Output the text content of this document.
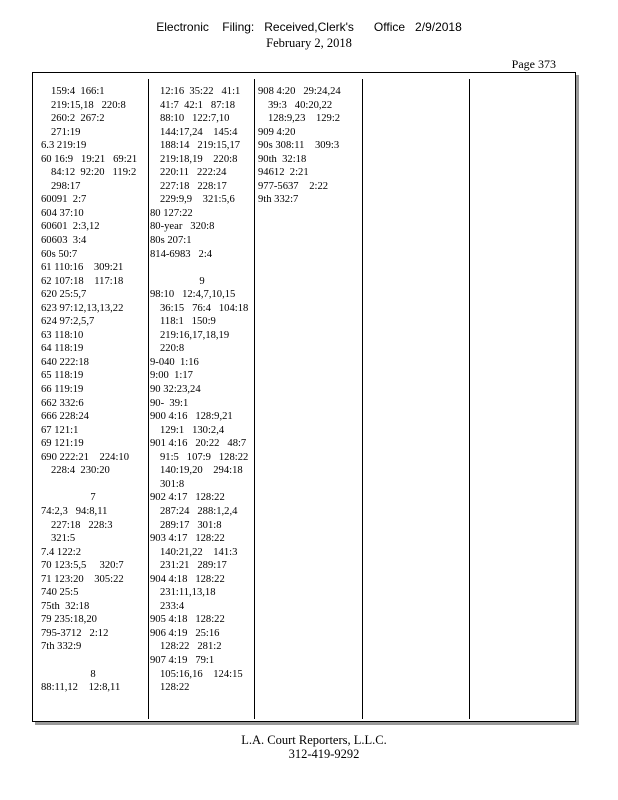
Electronic    Filing:   Received,Clerk's      Office   2/9/2018
February 2, 2018
Page 373
159:4  166:1
219:15,18   220:8
260:2  267:2
271:19
6.3 219:19
60 16:9   19:21   69:21
84:12  92:20   119:2
298:17
60091  2:7
604 37:10
60601  2:3,12
60603  3:4
60s 50:7
61 110:16    309:21
62 107:18    117:18
620 25:5,7
623 97:12,13,13,22
624 97:2,5,7
63 118:10
64 118:19
640 222:18
65 118:19
66 119:19
662 332:6
666 228:24
67 121:1
69 121:19
690 222:21    224:10
228:4  230:20
7
74:2,3   94:8,11
227:18   228:3
321:5
7.4 122:2
70 123:5,5     320:7
71 123:20    305:22
740 25:5
75th  32:18
79 235:18,20
795-3712   2:12
7th 332:9
8
88:11,12    12:8,11
12:16  35:22   41:1
41:7  42:1   87:18
88:10   122:7,10
144:17,24    145:4
188:14   219:15,17
219:18,19    220:8
220:11   222:24
227:18   228:17
229:9,9    321:5,6
80 127:22
80-year   320:8
80s 207:1
814-6983   2:4
9
98:10   12:4,7,10,15
36:15   76:4   104:18
118:1   150:9
219:16,17,18,19
220:8
9-040  1:16
9:00  1:17
90 32:23,24
90-  39:1
900 4:16   128:9,21
129:1   130:2,4
901 4:16   20:22   48:7
91:5   107:9   128:22
140:19,20    294:18
301:8
902 4:17   128:22
287:24   288:1,2,4
289:17   301:8
903 4:17   128:22
140:21,22    141:3
231:21   289:17
904 4:18   128:22
231:11,13,18
233:4
905 4:18   128:22
906 4:19   25:16
128:22   281:2
907 4:19   79:1
105:16,16    124:15
128:22
908 4:20   29:24,24
39:3   40:20,22
128:9,23    129:2
909 4:20
90s 308:11    309:3
90th  32:18
94612  2:21
977-5637    2:22
9th 332:7
L.A. Court Reporters, L.L.C.
312-419-9292
